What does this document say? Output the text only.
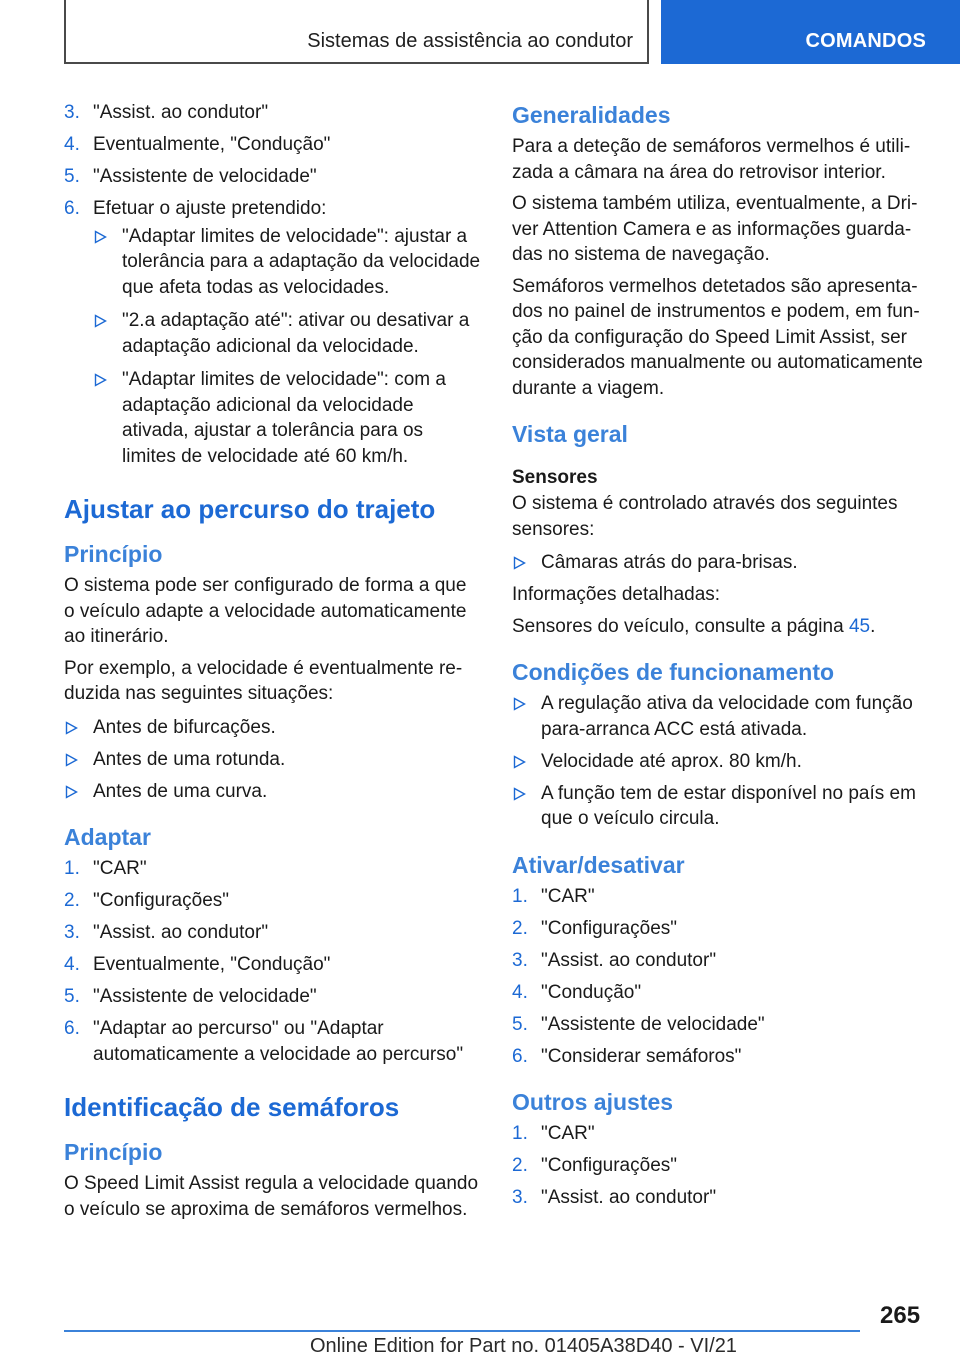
Sistemas de assistência ao condutor	COMANDOS
3. "Assist. ao condutor"
4. Eventualmente, "Condução"
5. "Assistente de velocidade"
6. Efetuar o ajuste pretendido:
"Adaptar limites de velocidade": ajustar a tolerância para a adaptação da velocidade que afeta todas as velocidades.
"2.a adaptação até": ativar ou desativar a adaptação adicional da velocidade.
"Adaptar limites de velocidade": com a adaptação adicional da velocidade ativada, ajustar a tolerância para os limites de velocidade até 60 km/h.
Ajustar ao percurso do trajeto
Princípio

O sistema pode ser configurado de forma a que o veículo adapte a velocidade automaticamente ao itinerário.

Por exemplo, a velocidade é eventualmente reduzida nas seguintes situações:

Antes de bifurcações.
Antes de uma rotunda.
Antes de uma curva.
Adaptar
1. "CAR"
2. "Configurações"
3. "Assist. ao condutor"
4. Eventualmente, "Condução"
5. "Assistente de velocidade"
6. "Adaptar ao percurso" ou "Adaptar automaticamente a velocidade ao percurso"
Identificação de semáforos
Princípio

O Speed Limit Assist regula a velocidade quando o veículo se aproxima de semáforos vermelhos.

Generalidades

Para a deteção de semáforos vermelhos é utilizada a câmara na área do retrovisor interior.

O sistema também utiliza, eventualmente, a Driver Attention Camera e as informações guardadas no sistema de navegação.

Semáforos vermelhos detetados são apresentados no painel de instrumentos e podem, em função da configuração do Speed Limit Assist, ser considerados manualmente ou automaticamente durante a viagem.

Vista geral
Sensores

O sistema é controlado através dos seguintes sensores:

Câmaras atrás do para-brisas.

Informações detalhadas:

Sensores do veículo, consulte a página 45.

Condições de funcionamento
A regulação ativa da velocidade com função para-arranca ACC está ativada.
Velocidade até aprox. 80 km/h.
A função tem de estar disponível no país em que o veículo circula.
Ativar/desativar
1. "CAR"
2. "Configurações"
3. "Assist. ao condutor"
4. "Condução"
5. "Assistente de velocidade"
6. "Considerar semáforos"
Outros ajustes
1. "CAR"
2. "Configurações"
3. "Assist. ao condutor"
265
Online Edition for Part no. 01405A38D40 - VI/21
